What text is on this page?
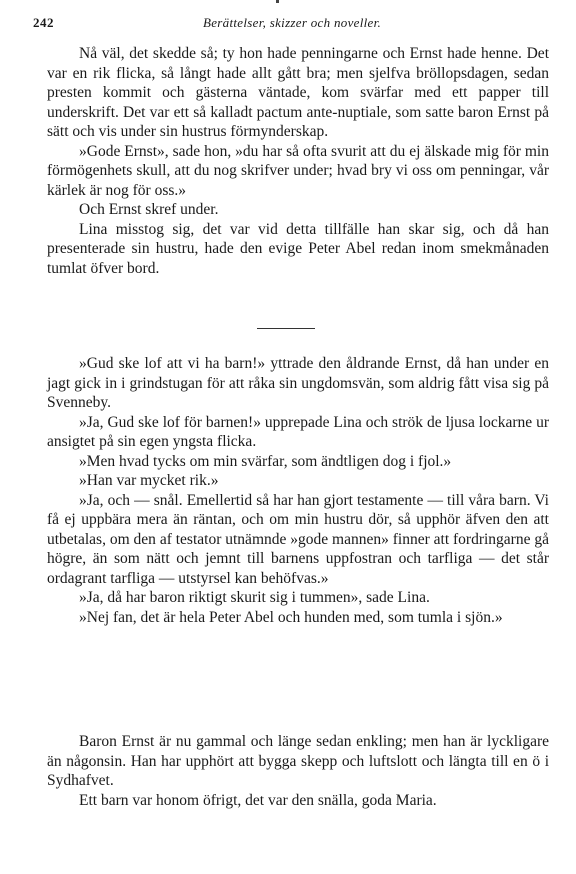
242	Berättelser, skizzer och noveller.

Nå väl, det skedde så; ty hon hade penningarne och Ernst hade henne. Det var en rik flicka, så långt hade allt gått bra; men sjelfva bröllopsdagen, sedan presten kommit och gästerna väntade, kom svärfar med ett papper till underskrift. Det var ett så kalladt pactum ante-nuptiale, som satte baron Ernst på sätt och vis under sin hustrus förmynderskap.

»Gode Ernst», sade hon, »du har så ofta svurit att du ej älskade mig för min förmögenhets skull, att du nog skrifver under; hvad bry vi oss om penningar, vår kärlek är nog för oss.»

Och Ernst skref under.

Lina misstog sig, det var vid detta tillfälle han skar sig, och då han presenterade sin hustru, hade den evige Peter Abel redan inom smekmånaden tumlat öfver bord.

»Gud ske lof att vi ha barn!» yttrade den åldrande Ernst, då han under en jagt gick in i grindstugan för att råka sin ungdomsvän, som aldrig fått visa sig på Svenneby.

»Ja, Gud ske lof för barnen!» upprepade Lina och strök de ljusa lockarne ur ansigtet på sin egen yngsta flicka.

»Men hvad tycks om min svärfar, som ändtligen dog i fjol.»

»Han var mycket rik.»

»Ja, och — snål. Emellertid så har han gjort testamente — till våra barn. Vi få ej uppbära mera än räntan, och om min hustru dör, så upphör äfven den att utbetalas, om den af testator utnämnde »gode mannen» finner att fordringarne gå högre, än som nätt och jemnt till barnens uppfostran och tarfliga — det står ordagrant tarfliga — utstyrsel kan behöfvas.»

»Ja, då har baron riktigt skurit sig i tummen», sade Lina.

»Nej fan, det är hela Peter Abel och hunden med, som tumla i sjön.»

Baron Ernst är nu gammal och länge sedan enkling; men han är lyckligare än någonsin. Han har upphört att bygga skepp och luftslott och längta till en ö i Sydhafvet.

Ett barn var honom öfrigt, det var den snälla, goda Maria.
